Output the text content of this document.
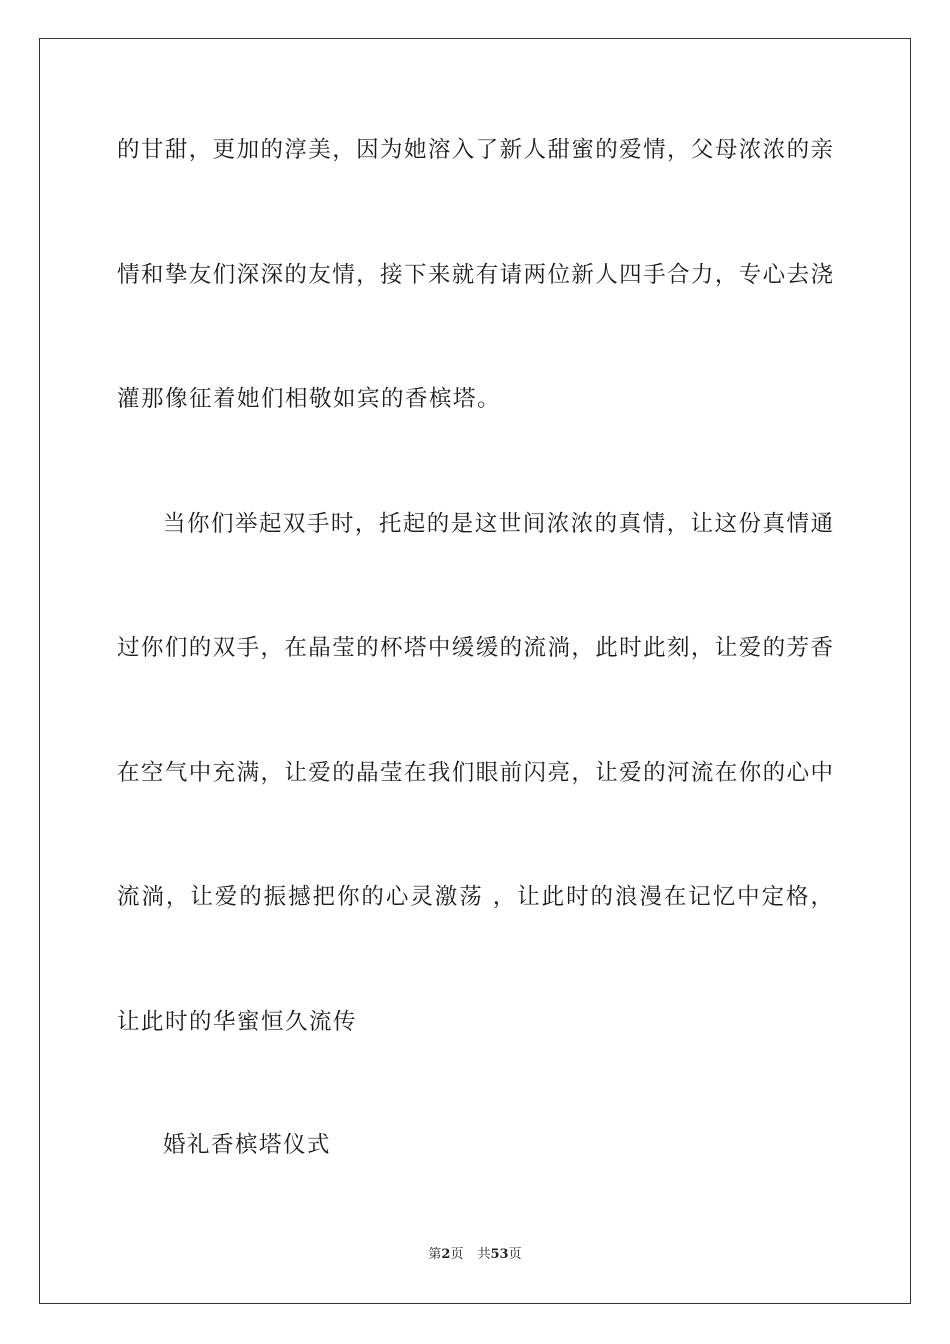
的甘甜，更加的淳美，因为她溶入了新人甜蜜的爱情，父母浓浓的亲
情和挚友们深深的友情，接下来就有请两位新人四手合力，专心去浇
灌那像征着她们相敬如宾的香槟塔。
当你们举起双手时，托起的是这世间浓浓的真情，让这份真情通
过你们的双手，在晶莹的杯塔中缓缓的流淌，此时此刻，让爱的芳香
在空气中充满，让爱的晶莹在我们眼前闪亮，让爱的河流在你的心中
流淌，让爱的振撼把你的心灵激荡 ，让此时的浪漫在记忆中定格，
让此时的华蜜恒久流传
婚礼香槟塔仪式
第2页 共53页
